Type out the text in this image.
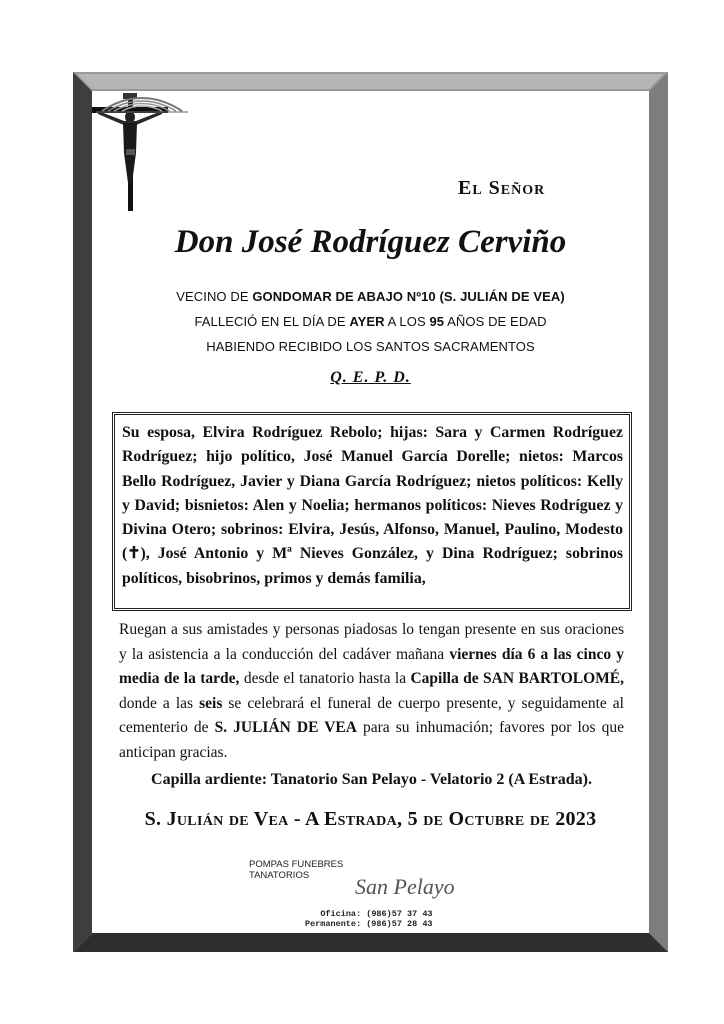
El Señor
Don José Rodríguez Cerviño
VECINO DE GONDOMAR DE ABAJO Nº10 (S. JULIÁN DE VEA)
FALLECIÓ EN EL DÍA DE AYER A LOS 95 AÑOS DE EDAD
HABIENDO RECIBIDO LOS SANTOS SACRAMENTOS
Q. E. P. D.
Su esposa, Elvira Rodríguez Rebolo; hijas: Sara y Carmen Rodríguez Rodríguez; hijo político, José Manuel García Dorelle; nietos: Marcos Bello Rodríguez, Javier y Diana García Rodríguez; nietos políticos: Kelly y David; bisnietos: Alen y Noelia; hermanos políticos: Nieves Rodríguez y Divina Otero; sobrinos: Elvira, Jesús, Alfonso, Manuel, Paulino, Modesto (✝), José Antonio y Mª Nieves González, y Dina Rodríguez; sobrinos políticos, bisobrinos, primos y demás familia,
Ruegan a sus amistades y personas piadosas lo tengan presente en sus oraciones y la asistencia a la conducción del cadáver mañana viernes día 6 a las cinco y media de la tarde, desde el tanatorio hasta la Capilla de SAN BARTOLOMÉ, donde a las seis se celebrará el funeral de cuerpo presente, y seguidamente al cementerio de S. JULIÁN DE VEA para su inhumación; favores por los que anticipan gracias.
Capilla ardiente: Tanatorio San Pelayo - Velatorio 2 (A Estrada).
S. Julián de Vea - A Estrada, 5 de Octubre de 2023
POMPAS FUNEBRES
TANATORIOS	San Pelayo
Oficina: (986)57 37 43
Permanente: (986)57 28 43
